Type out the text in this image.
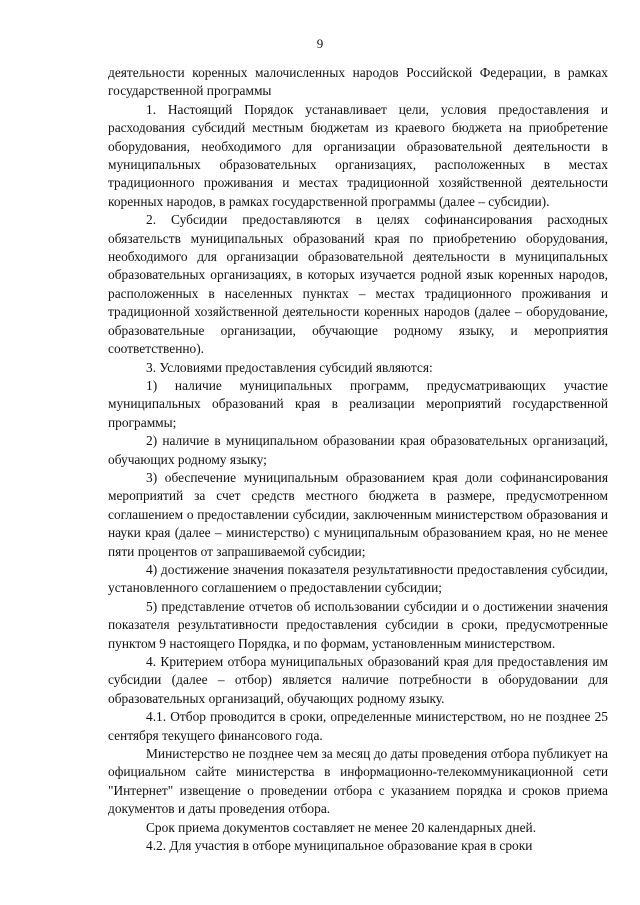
9

деятельности коренных малочисленных народов Российской Федерации, в рамках государственной программы

1. Настоящий Порядок устанавливает цели, условия предоставления и расходования субсидий местным бюджетам из краевого бюджета на приобретение оборудования, необходимого для организации образовательной деятельности в муниципальных образовательных организациях, расположенных в местах традиционного проживания и местах традиционной хозяйственной деятельности коренных народов, в рамках государственной программы (далее – субсидии).

2. Субсидии предоставляются в целях софинансирования расходных обязательств муниципальных образований края по приобретению оборудования, необходимого для организации образовательной деятельности в муниципальных образовательных организациях, в которых изучается родной язык коренных народов, расположенных в населенных пунктах – местах традиционного проживания и традиционной хозяйственной деятельности коренных народов (далее – оборудование, образовательные организации, обучающие родному языку, и мероприятия соответственно).

3. Условиями предоставления субсидий являются:

1) наличие муниципальных программ, предусматривающих участие муниципальных образований края в реализации мероприятий государственной программы;

2) наличие в муниципальном образовании края образовательных организаций, обучающих родному языку;

3) обеспечение муниципальным образованием края доли софинансирования мероприятий за счет средств местного бюджета в размере, предусмотренном соглашением о предоставлении субсидии, заключенным министерством образования и науки края (далее – министерство) с муниципальным образованием края, но не менее пяти процентов от запрашиваемой субсидии;

4) достижение значения показателя результативности предоставления субсидии, установленного соглашением о предоставлении субсидии;

5) представление отчетов об использовании субсидии и о достижении значения показателя результативности предоставления субсидии в сроки, предусмотренные пунктом 9 настоящего Порядка, и по формам, установленным министерством.

4. Критерием отбора муниципальных образований края для предоставления им субсидии (далее – отбор) является наличие потребности в оборудовании для образовательных организаций, обучающих родному языку.

4.1. Отбор проводится в сроки, определенные министерством, но не позднее 25 сентября текущего финансового года.

Министерство не позднее чем за месяц до даты проведения отбора публикует на официальном сайте министерства в информационно-телекоммуникационной сети "Интернет" извещение о проведении отбора с указанием порядка и сроков приема документов и даты проведения отбора.

Срок приема документов составляет не менее 20 календарных дней.

4.2. Для участия в отборе муниципальное образование края в сроки
